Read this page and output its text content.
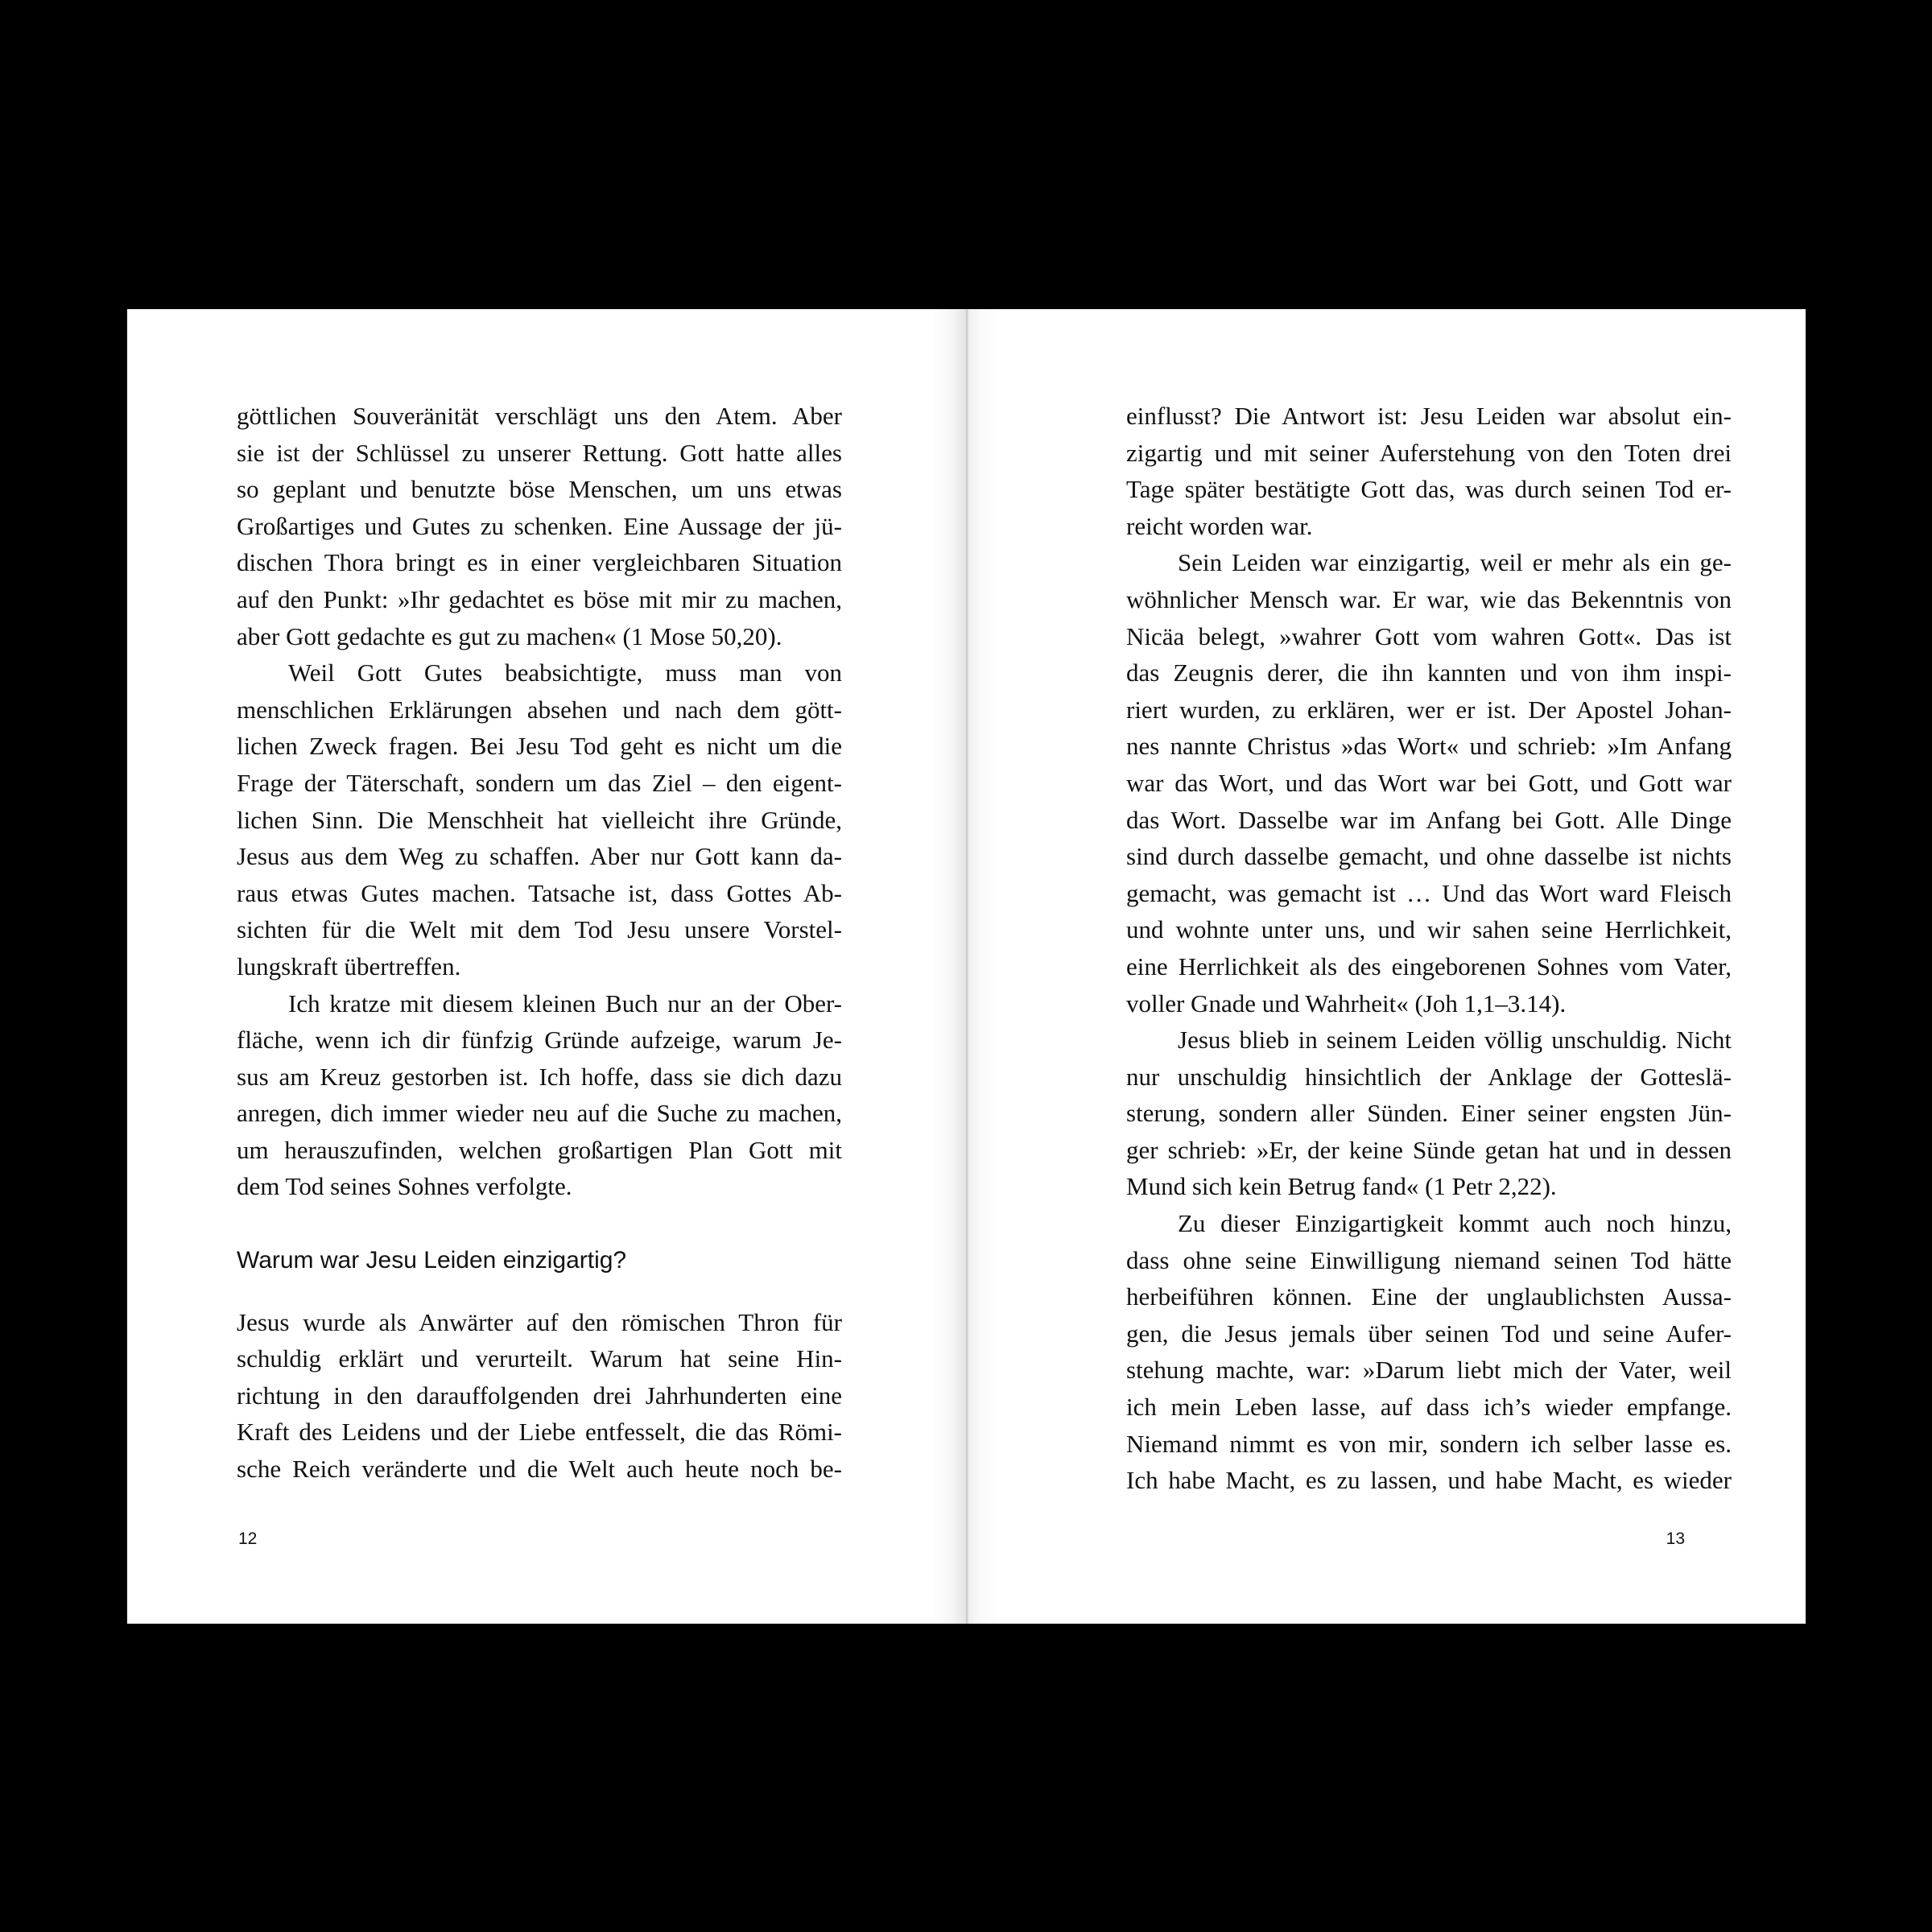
göttlichen Souveränität verschlägt uns den Atem. Aber
sie ist der Schlüssel zu unserer Rettung. Gott hatte alles
so geplant und benutzte böse Menschen, um uns etwas
Großartiges und Gutes zu schenken. Eine Aussage der jü-
dischen Thora bringt es in einer vergleichbaren Situation
auf den Punkt: »Ihr gedachtet es böse mit mir zu machen,
aber Gott gedachte es gut zu machen« (1 Mose 50,20).
Weil Gott Gutes beabsichtigte, muss man von
menschlichen Erklärungen absehen und nach dem gött-
lichen Zweck fragen. Bei Jesu Tod geht es nicht um die
Frage der Täterschaft, sondern um das Ziel – den eigent-
lichen Sinn. Die Menschheit hat vielleicht ihre Gründe,
Jesus aus dem Weg zu schaffen. Aber nur Gott kann da-
raus etwas Gutes machen. Tatsache ist, dass Gottes Ab-
sichten für die Welt mit dem Tod Jesu unsere Vorstel-
lungskraft übertreffen.
Ich kratze mit diesem kleinen Buch nur an der Ober-
fläche, wenn ich dir fünfzig Gründe aufzeige, warum Je-
sus am Kreuz gestorben ist. Ich hoffe, dass sie dich dazu
anregen, dich immer wieder neu auf die Suche zu machen,
um herauszufinden, welchen großartigen Plan Gott mit
dem Tod seines Sohnes verfolgte.
Warum war Jesu Leiden einzigartig?
Jesus wurde als Anwärter auf den römischen Thron für
schuldig erklärt und verurteilt. Warum hat seine Hin-
richtung in den darauffolgenden drei Jahrhunderten eine
Kraft des Leidens und der Liebe entfesselt, die das Römi-
sche Reich veränderte und die Welt auch heute noch be-
12
einflusst? Die Antwort ist: Jesu Leiden war absolut ein-
zigartig und mit seiner Auferstehung von den Toten drei
Tage später bestätigte Gott das, was durch seinen Tod er-
reicht worden war.
Sein Leiden war einzigartig, weil er mehr als ein ge-
wöhnlicher Mensch war. Er war, wie das Bekenntnis von
Nicäa belegt, »wahrer Gott vom wahren Gott«. Das ist
das Zeugnis derer, die ihn kannten und von ihm inspi-
riert wurden, zu erklären, wer er ist. Der Apostel Johan-
nes nannte Christus »das Wort« und schrieb: »Im Anfang
war das Wort, und das Wort war bei Gott, und Gott war
das Wort. Dasselbe war im Anfang bei Gott. Alle Dinge
sind durch dasselbe gemacht, und ohne dasselbe ist nichts
gemacht, was gemacht ist … Und das Wort ward Fleisch
und wohnte unter uns, und wir sahen seine Herrlichkeit,
eine Herrlichkeit als des eingeborenen Sohnes vom Vater,
voller Gnade und Wahrheit« (Joh 1,1–3.14).
Jesus blieb in seinem Leiden völlig unschuldig. Nicht
nur unschuldig hinsichtlich der Anklage der Gotteslä-
sterung, sondern aller Sünden. Einer seiner engsten Jün-
ger schrieb: »Er, der keine Sünde getan hat und in dessen
Mund sich kein Betrug fand« (1 Petr 2,22).
Zu dieser Einzigartigkeit kommt auch noch hinzu,
dass ohne seine Einwilligung niemand seinen Tod hätte
herbeiführen können. Eine der unglaublichsten Aussa-
gen, die Jesus jemals über seinen Tod und seine Aufer-
stehung machte, war: »Darum liebt mich der Vater, weil
ich mein Leben lasse, auf dass ich’s wieder empfange.
Niemand nimmt es von mir, sondern ich selber lasse es.
Ich habe Macht, es zu lassen, und habe Macht, es wieder
13
